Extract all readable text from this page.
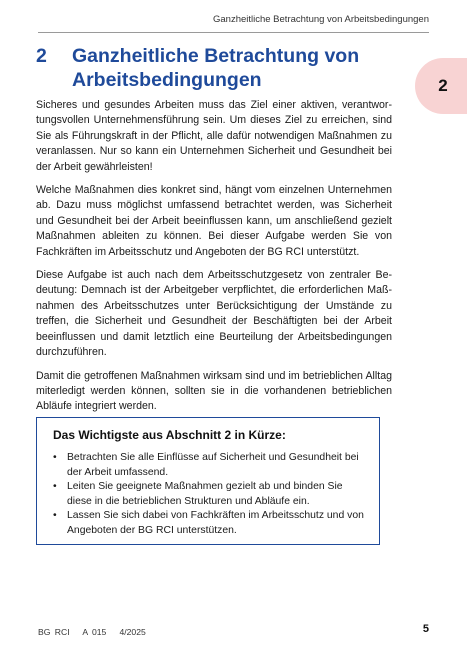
Ganzheitliche Betrachtung von Arbeitsbedingungen
2
2	Ganzheitliche Betrachtung von Arbeitsbedingungen

Sicheres und gesundes Arbeiten muss das Ziel einer aktiven, verantwortungsvollen Unternehmensführung sein. Um dieses Ziel zu erreichen, sind Sie als Führungskraft in der Pflicht, alle dafür notwendigen Maßnahmen zu veranlassen. Nur so kann ein Unternehmen Sicherheit und Gesundheit bei der Arbeit gewährleisten!

Welche Maßnahmen dies konkret sind, hängt vom einzelnen Unternehmen ab. Dazu muss möglichst umfassend betrachtet werden, was Sicherheit und Gesundheit bei der Arbeit beeinflussen kann, um anschließend gezielt Maßnahmen ableiten zu können. Bei dieser Aufgabe werden Sie von Fachkräften im Arbeitsschutz und Angeboten der BG RCI unterstützt.

Diese Aufgabe ist auch nach dem Arbeitsschutzgesetz von zentraler Bedeutung: Demnach ist der Arbeitgeber verpflichtet, die erforderlichen Maßnahmen des Arbeitsschutzes unter Berücksichtigung der Umstände zu treffen, die Sicherheit und Gesundheit der Beschäftigten bei der Arbeit beeinflussen und damit letztlich eine Beurteilung der Arbeitsbedingungen durchzuführen.

Damit die getroffenen Maßnahmen wirksam sind und im betrieblichen Alltag miterledigt werden können, sollten sie in die vorhandenen betrieblichen Abläufe integriert werden.

Das Wichtigste aus Abschnitt 2 in Kürze:
• Betrachten Sie alle Einflüsse auf Sicherheit und Gesundheit bei der Arbeit umfassend.
• Leiten Sie geeignete Maßnahmen gezielt ab und binden Sie diese in die betrieblichen Strukturen und Abläufe ein.
• Lassen Sie sich dabei von Fachkräften im Arbeitsschutz und von Angeboten der BG RCI unterstützen.
BG RCI A 015 4/2025	5
